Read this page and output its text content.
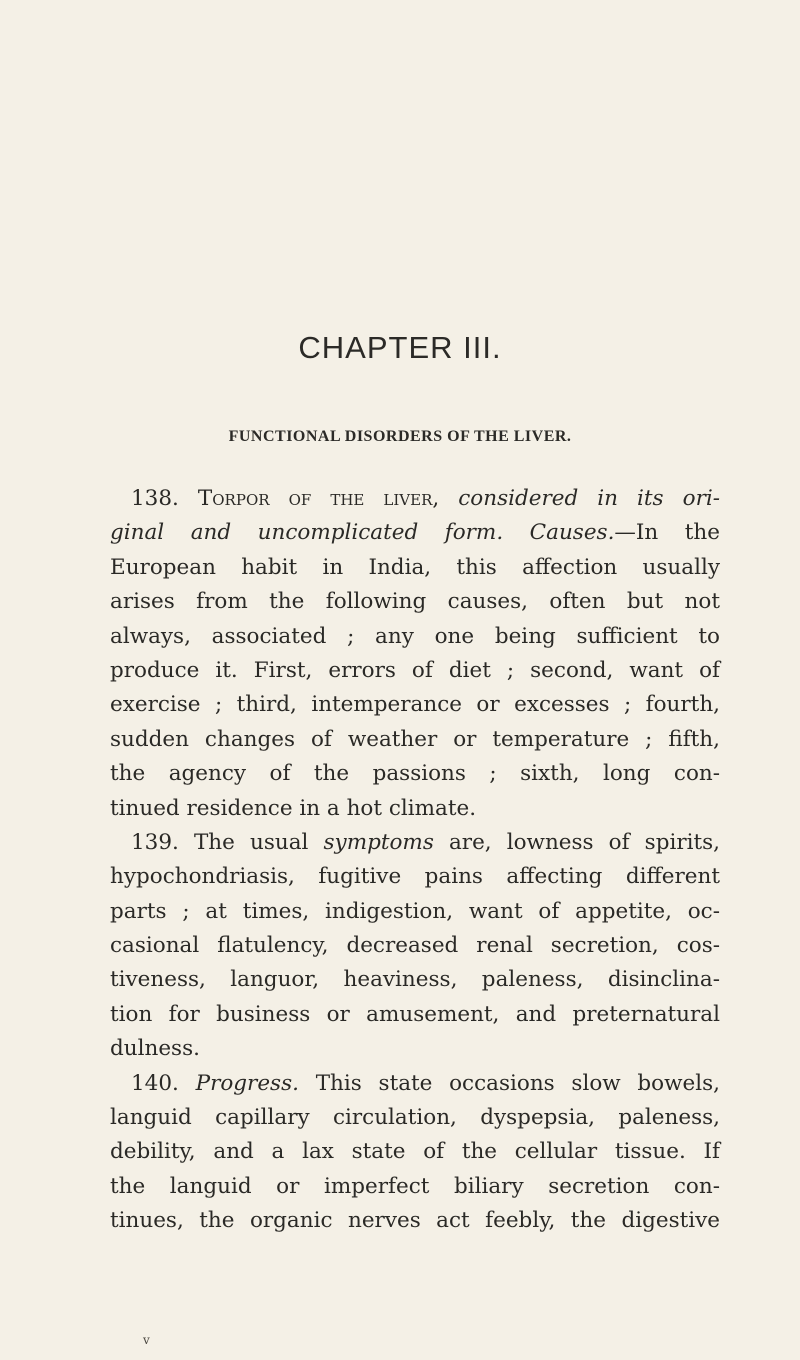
CHAPTER III.
FUNCTIONAL DISORDERS OF THE LIVER.
138. Torpor of the liver, considered in its ori-
ginal and uncomplicated form. Causes.—In the
European habit in India, this affection usually
arises from the following causes, often but not
always, associated ; any one being sufficient to
produce it. First, errors of diet ; second, want of
exercise ; third, intemperance or excesses ; fourth,
sudden changes of weather or temperature ; fifth,
the agency of the passions ; sixth, long con-
tinued residence in a hot climate.
139. The usual symptoms are, lowness of spirits,
hypochondriasis, fugitive pains affecting different
parts ; at times, indigestion, want of appetite, oc-
casional flatulency, decreased renal secretion, cos-
tiveness, languor, heaviness, paleness, disinclina-
tion for business or amusement, and preternatural
dulness.
140. Progress. This state occasions slow bowels,
languid capillary circulation, dyspepsia, paleness,
debility, and a lax state of the cellular tissue. If
the languid or imperfect biliary secretion con-
tinues, the organic nerves act feebly, the digestive
v
